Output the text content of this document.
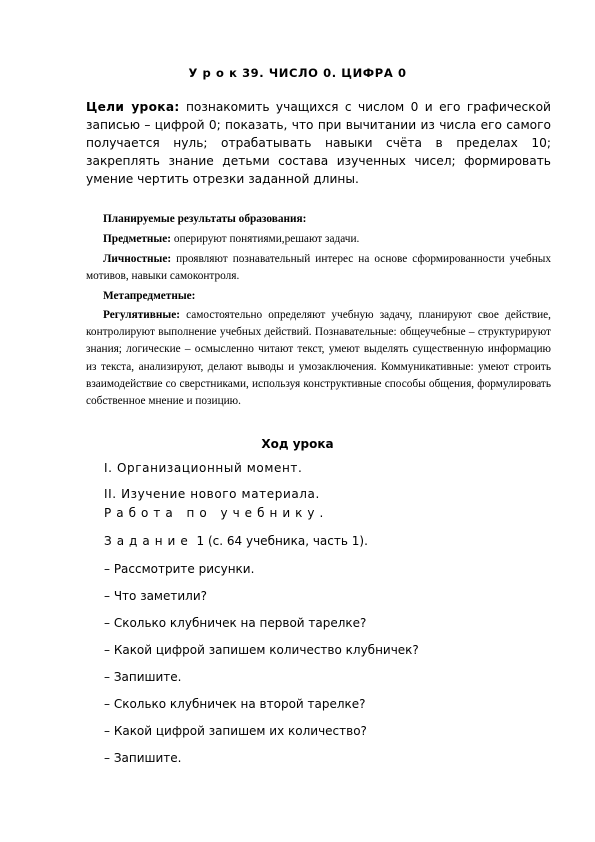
У р о к 39. ЧИСЛО 0. ЦИФРА 0
Цели урока: познакомить учащихся с числом 0 и его графической записью – цифрой 0; показать, что при вычитании из числа его самого получается нуль; отрабатывать навыки счёта в пределах 10; закреплять знание детьми состава изученных чисел; формировать умение чертить отрезки заданной длины.
Планируемые результаты образования:
Предметные: оперируют понятиями,решают задачи.
Личностные: проявляют познавательный интерес на основе сформированности учебных мотивов, навыки самоконтроля.
Метапредметные:
Регулятивные: самостоятельно определяют учебную задачу, планируют свое действие, контролируют выполнение учебных действий. Познавательные: общеучебные – структурируют знания; логические – осмысленно читают текст, умеют выделять существенную информацию из текста, анализируют, делают выводы и умозаключения. Коммуникативные: умеют строить взаимодействие со сверстниками, используя конструктивные способы общения, формулировать собственное мнение и позицию.
Ход урока
I. Организационный момент.
II. Изучение нового материала.
Работа по учебнику.
Задание 1 (с. 64 учебника, часть 1).
– Рассмотрите рисунки.
– Что заметили?
– Сколько клубничек на первой тарелке?
– Какой цифрой запишем количество клубничек?
– Запишите.
– Сколько клубничек на второй тарелке?
– Какой цифрой запишем их количество?
– Запишите.
